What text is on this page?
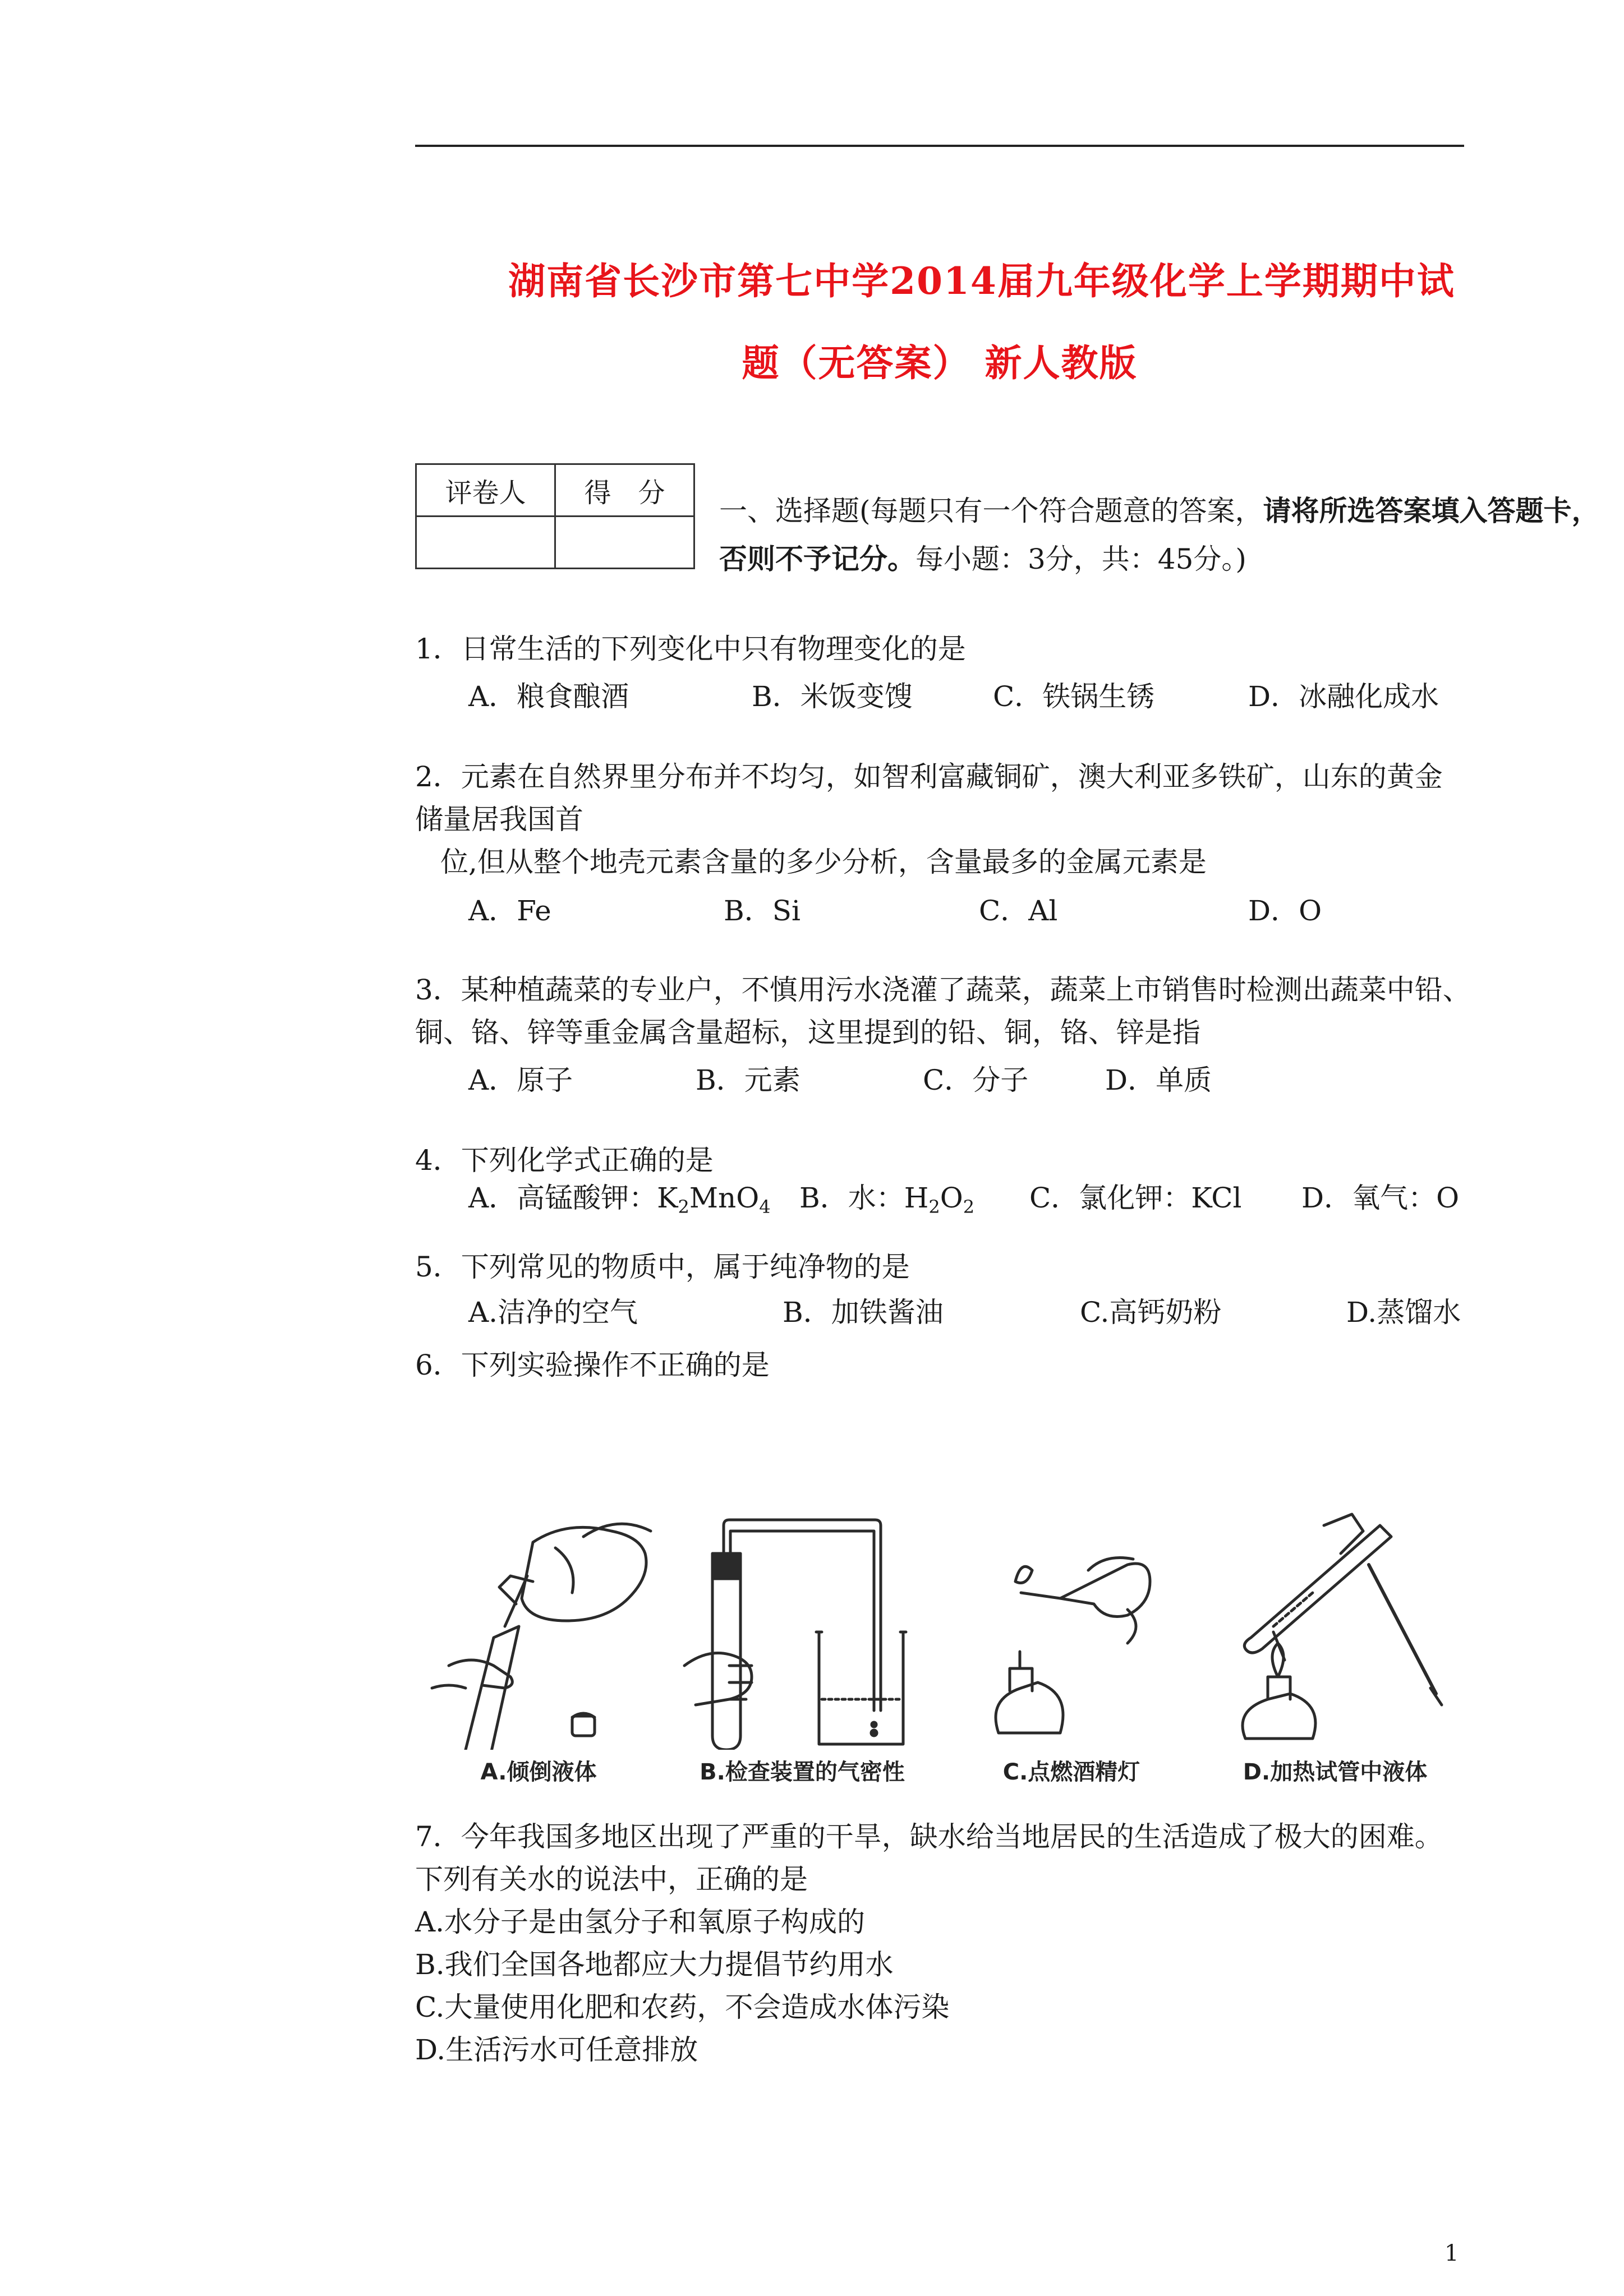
湖南省长沙市第七中学2014届九年级化学上学期期中试
题（无答案） 新人教版
评卷人	得　分

一、选择题(每题只有一个符合题意的答案，请将所选答案填入答题卡，否则不予记分。每小题：3分，共：45分。)
1．日常生活的下列变化中只有物理变化的是
A．粮食酿酒	B．米饭变馊	C．铁锅生锈	D．冰融化成水
2．元素在自然界里分布并不均匀，如智利富藏铜矿，澳大利亚多铁矿，山东的黄金
储量居我国首
位,但从整个地壳元素含量的多少分析，含量最多的金属元素是
A．Fe	B．Si	C．Al	D．O
3．某种植蔬菜的专业户，不慎用污水浇灌了蔬菜，蔬菜上市销售时检测出蔬菜中铅、
铜、铬、锌等重金属含量超标，这里提到的铅、铜，铬、锌是指
A．原子	B．元素	C．分子	D．单质
4．下列化学式正确的是
A．高锰酸钾：$K_2MnO_4$ B．水：$H_2O_2$ C．氯化钾：KCl D．氧气：O
5．下列常见的物质中，属于纯净物的是
A.洁净的空气	B．加铁酱油	C.高钙奶粉	D.蒸馏水
6．下列实验操作不正确的是
A.倾倒液体	B.检查装置的气密性	C.点燃酒精灯	D.加热试管中液体
7．今年我国多地区出现了严重的干旱，缺水给当地居民的生活造成了极大的困难。
下列有关水的说法中，正确的是
A.水分子是由氢分子和氧原子构成的
B.我们全国各地都应大力提倡节约用水
C.大量使用化肥和农药，不会造成水体污染
D.生活污水可任意排放
1
